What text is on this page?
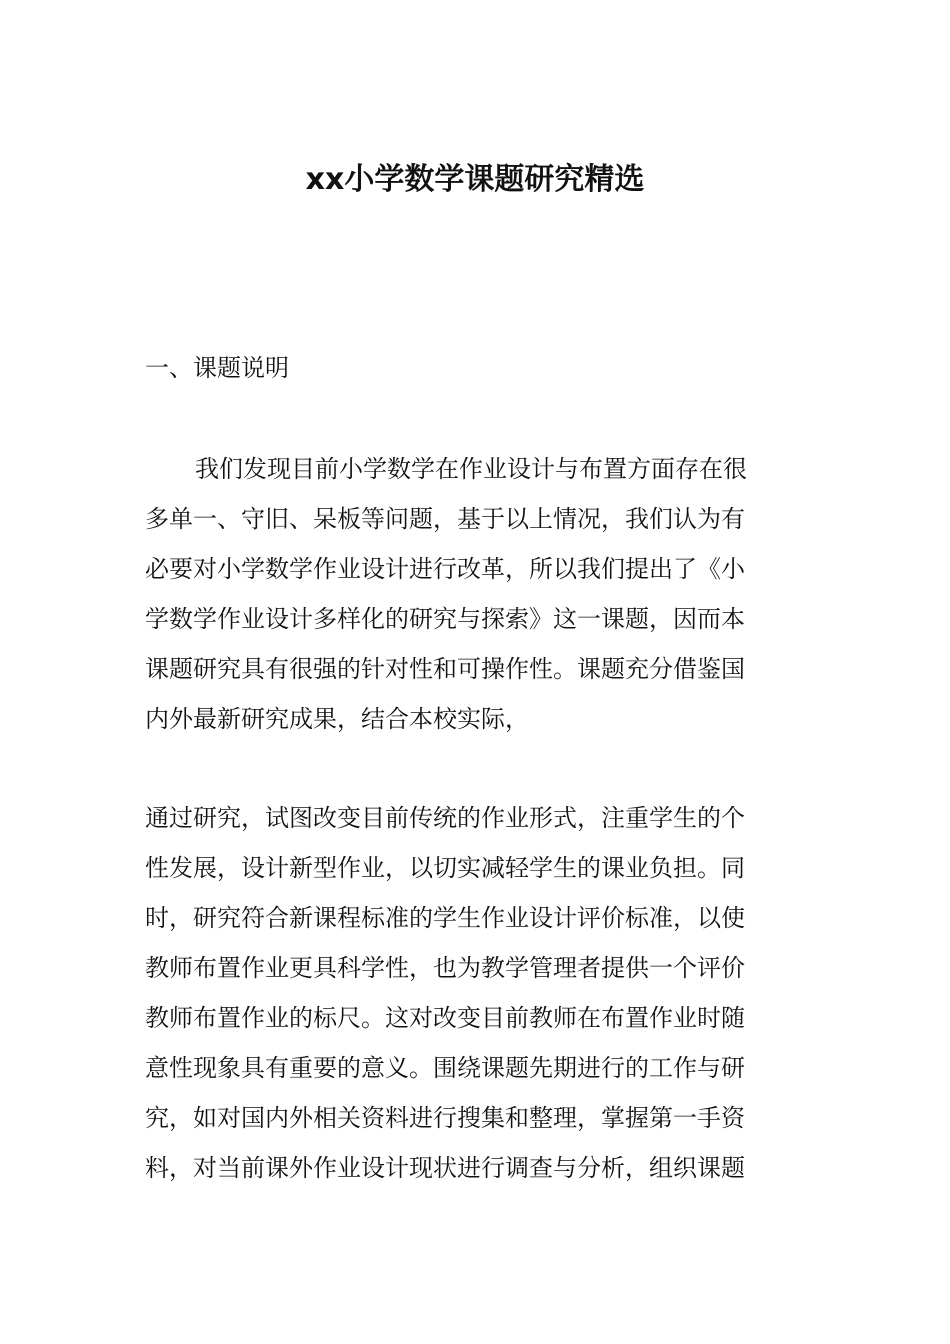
xx小学数学课题研究精选
一、课题说明
我们发现目前小学数学在作业设计与布置方面存在很
多单一、守旧、呆板等问题，基于以上情况，我们认为有
必要对小学数学作业设计进行改革，所以我们提出了《小
学数学作业设计多样化的研究与探索》这一课题，因而本
课题研究具有很强的针对性和可操作性。课题充分借鉴国
内外最新研究成果，结合本校实际，
通过研究，试图改变目前传统的作业形式，注重学生的个
性发展，设计新型作业，以切实减轻学生的课业负担。同
时，研究符合新课程标准的学生作业设计评价标准，以使
教师布置作业更具科学性，也为教学管理者提供一个评价
教师布置作业的标尺。这对改变目前教师在布置作业时随
意性现象具有重要的意义。围绕课题先期进行的工作与研
究，如对国内外相关资料进行搜集和整理，掌握第一手资
料，对当前课外作业设计现状进行调查与分析，组织课题
